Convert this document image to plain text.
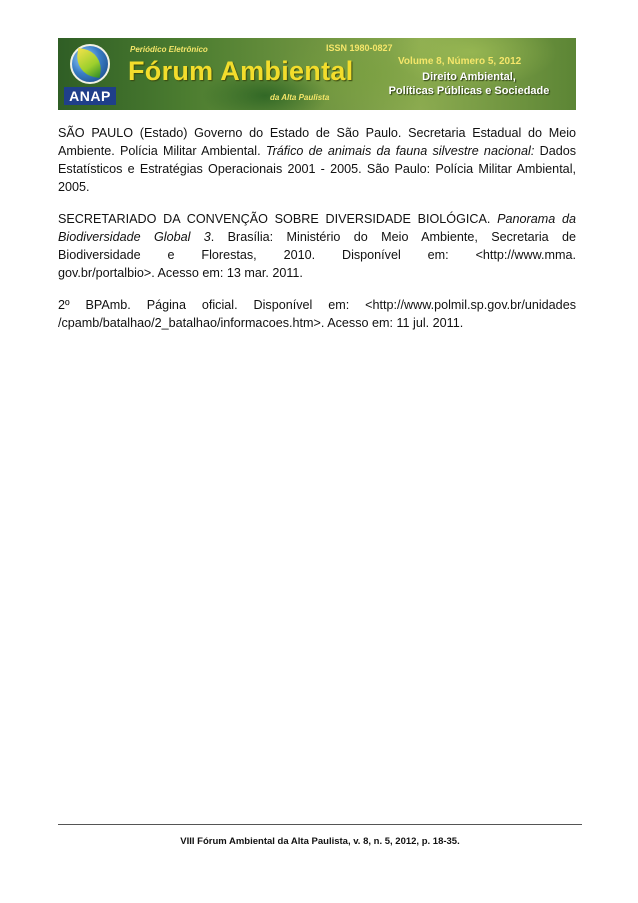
ANAP
Periódico Eletrônico	ISSN 1980-0827
Fórum Ambiental
da Alta Paulista
Volume 8, Número 5, 2012
Direito Ambiental,
Políticas Públicas e Sociedade
SÃO PAULO (Estado) Governo do Estado de São Paulo. Secretaria Estadual do Meio
Ambiente. Polícia Militar Ambiental. Tráfico de animais da fauna silvestre nacional: Dados
Estatísticos e Estratégias Operacionais 2001 - 2005. São Paulo: Polícia Militar Ambiental,
2005.
SECRETARIADO DA CONVENÇÃO SOBRE DIVERSIDADE BIOLÓGICA. Panorama da
Biodiversidade Global 3. Brasília: Ministério do Meio Ambiente, Secretaria de
Biodiversidade e Florestas, 2010. Disponível em: <http://www.mma.
gov.br/portalbio>. Acesso em: 13 mar. 2011.
2º BPAmb. Página oficial. Disponível em: <http://www.polmil.sp.gov.br/unidades
/cpamb/batalhao/2_batalhao/informacoes.htm>. Acesso em: 11 jul. 2011.
VIII Fórum Ambiental da Alta Paulista, v. 8, n. 5, 2012, p. 18-35.
